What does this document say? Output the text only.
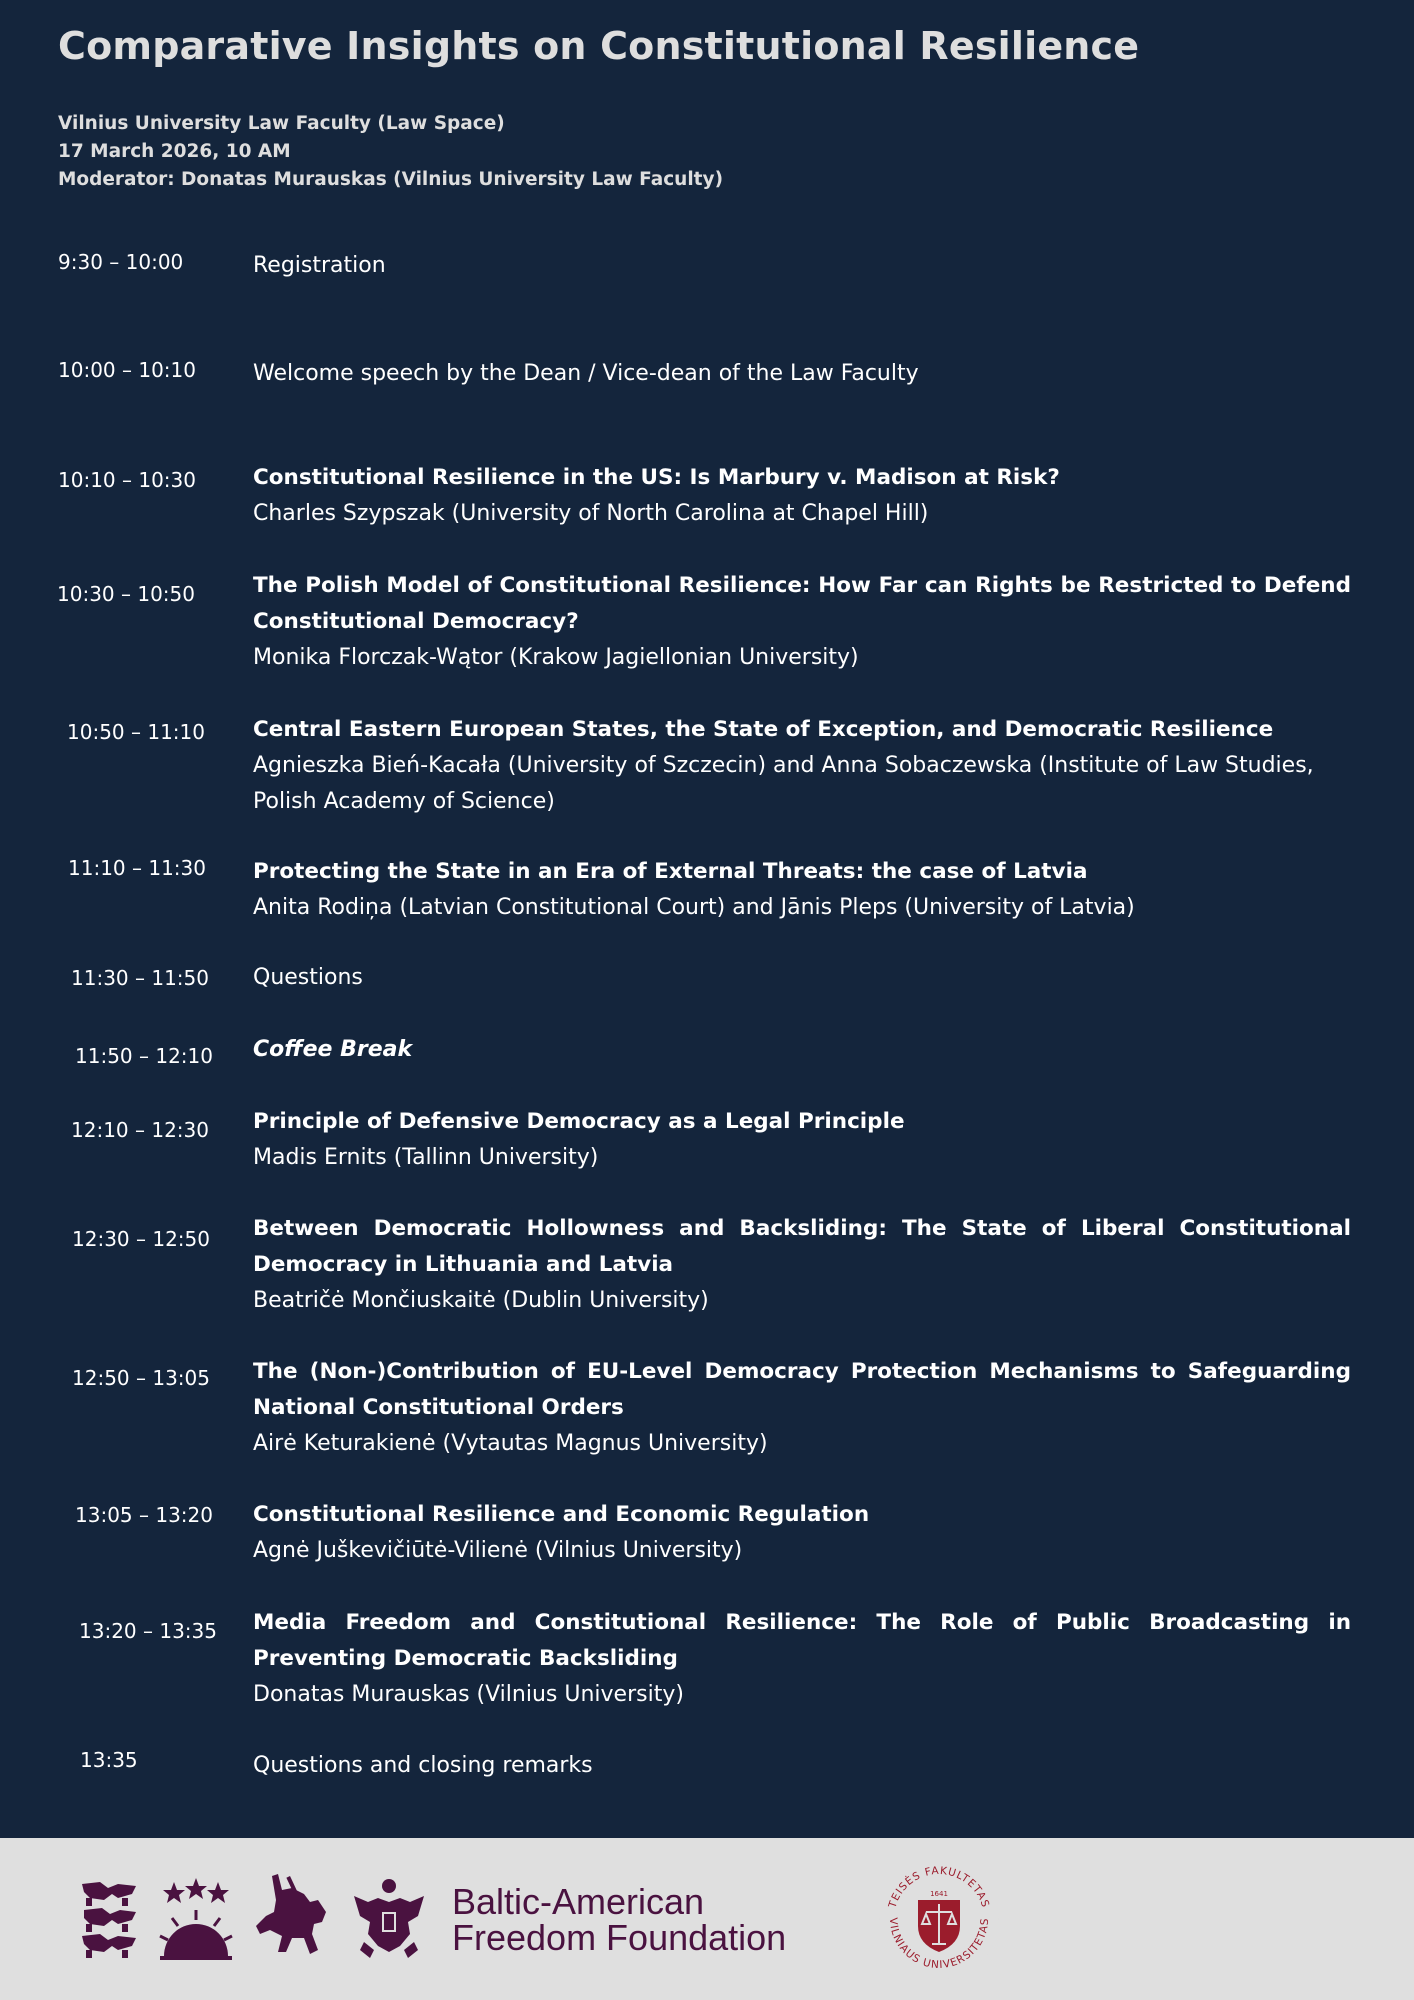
Comparative Insights on Constitutional Resilience
Vilnius University Law Faculty (Law Space)
17 March 2026, 10 AM
Moderator: Donatas Murauskas (Vilnius University Law Faculty)
9:30 – 10:00	Registration
10:00 – 10:10	Welcome speech by the Dean / Vice-dean of the Law Faculty
10:10 – 10:30	Constitutional Resilience in the US: Is Marbury v. Madison at Risk?
Charles Szypszak (University of North Carolina at Chapel Hill)
10:30 – 10:50	The Polish Model of Constitutional Resilience: How Far can Rights be Restricted to Defend Constitutional Democracy?
Monika Florczak-Wątor (Krakow Jagiellonian University)
10:50 – 11:10 Central Eastern European States, the State of Exception, and Democratic Resilience
Agnieszka Bień-Kacała (University of Szczecin) and Anna Sobaczewska (Institute of Law Studies, Polish Academy of Science)
11:10 – 11:30 Protecting the State in an Era of External Threats: the case of Latvia
Anita Rodiņa (Latvian Constitutional Court) and Jānis Pleps (University of Latvia)
11:30 – 11:50 Questions
11:50 – 12:10 Coffee Break
12:10 – 12:30 Principle of Defensive Democracy as a Legal Principle
Madis Ernits (Tallinn University)
12:30 – 12:50 Between Democratic Hollowness and Backsliding: The State of Liberal Constitutional Democracy in Lithuania and Latvia
Beatričė Mončiuskaitė (Dublin University)
12:50 – 13:05 The (Non-)Contribution of EU-Level Democracy Protection Mechanisms to Safeguarding National Constitutional Orders
Airė Keturakienė (Vytautas Magnus University)
13:05 – 13:20 Constitutional Resilience and Economic Regulation
Agnė Juškevičiūtė-Vilienė (Vilnius University)
13:20 – 13:35 Media Freedom and Constitutional Resilience: The Role of Public Broadcasting in Preventing Democratic Backsliding
Donatas Murauskas (Vilnius University)
13:35	Questions and closing remarks
Baltic-American
Freedom Foundation
TEISĖS FAKULTETAS
VILNIAUS UNIVERSITETAS
1641
